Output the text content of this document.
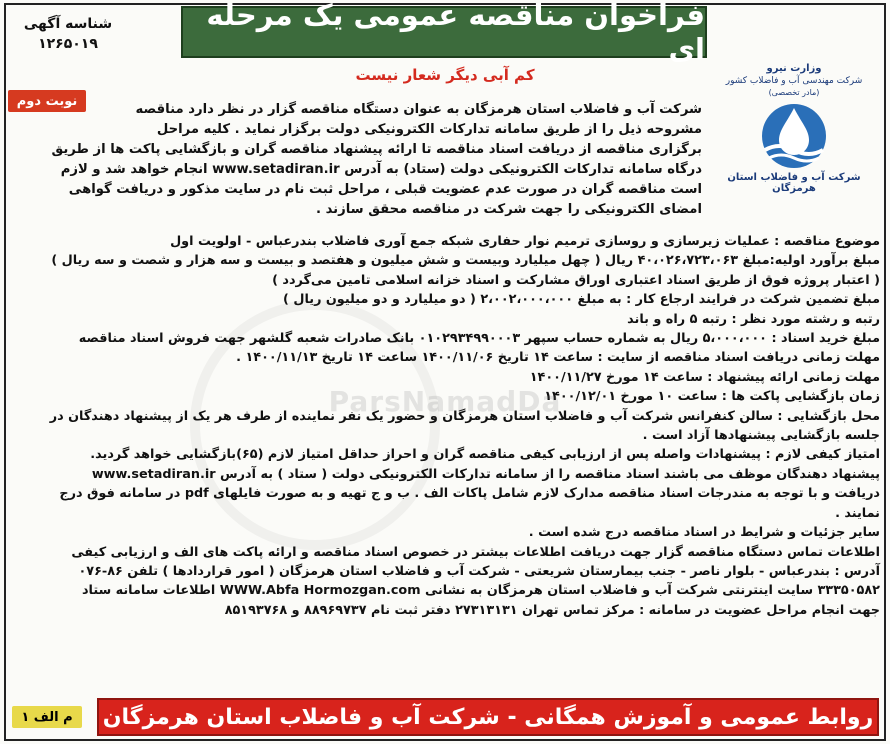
شناسه آگهی
۱۲۶۵۰۱۹
فراخوان مناقصه عمومی یک مرحله ای
کم آبی دیگر شعار نیست
نوبت دوم
وزارت نیرو
شرکت مهندسی آب و فاضلاب کشور
(مادر تخصصی)
شرکت آب و فاضلاب استان هرمزگان
شرکت آب و فاضلاب استان هرمزگان به عنوان دستگاه مناقصه گزار در نظر دارد مناقصه
مشروحه ذیل را از طریق سامانه تدارکات الکترونیکی دولت برگزار نماید . کلیه مراحل
برگزاری مناقصه از دریافت اسناد مناقصه تا ارائه پیشنهاد مناقصه گران و بازگشایی پاکت ها از طریق
درگاه سامانه تدارکات الکترونیکی دولت (ستاد) به آدرس www.setadiran.ir انجام خواهد شد و لازم
است مناقصه گران در صورت عدم عضویت قبلی ، مراحل ثبت نام در سایت مذکور و دریافت گواهی
امضای الکترونیکی را جهت شرکت در مناقصه محقق سازند .
موضوع مناقصه : عملیات زیرسازی و روسازی ترمیم نوار حفاری شبکه جمع آوری فاضلاب بندرعباس - اولویت اول
مبلغ برآورد اولیه:مبلغ ۴۰،۰۲۶،۷۲۳،۰۶۳ ریال ( چهل میلیارد وبیست و شش میلیون و هفتصد و بیست و سه هزار و شصت و سه ریال )
( اعتبار پروژه فوق از طریق اسناد اعتباری اوراق مشارکت و اسناد خزانه اسلامی تامین می‌گردد )
مبلغ تضمین شرکت در فرایند ارجاع کار : به مبلغ ۲،۰۰۲،۰۰۰،۰۰۰ ( دو میلیارد و دو میلیون ریال )
رتبه و رشته مورد نظر : رتبه ۵ راه و باند
مبلغ خرید اسناد : ۵،۰۰۰،۰۰۰ ریال به شماره حساب سپهر ۰۱۰۲۹۳۴۹۹۰۰۰۳ بانک صادرات شعبه گلشهر جهت فروش اسناد مناقصه
مهلت زمانی دریافت اسناد مناقصه از سایت : ساعت ۱۴ تاریخ ۱۴۰۰/۱۱/۰۶ ساعت ۱۴ تاریخ ۱۴۰۰/۱۱/۱۳ .
مهلت زمانی ارائه پیشنهاد : ساعت ۱۴ مورخ ۱۴۰۰/۱۱/۲۷
زمان بازگشایی پاکت ها : ساعت ۱۰ مورخ ۱۴۰۰/۱۲/۰۱
محل بازگشایی : سالن کنفرانس شرکت آب و فاضلاب استان هرمزگان و حضور یک نفر نماینده از طرف هر یک از پیشنهاد دهندگان در
جلسه بازگشایی پیشنهادها آزاد است .
امتیاز کیفی لازم : پیشنهادات واصله پس از ارزیابی کیفی مناقصه گران و احراز حداقل امتیاز لازم (۶۵)بازگشایی خواهد گردید.
پیشنهاد دهندگان موظف می باشند اسناد مناقصه را از سامانه تدارکات الکترونیکی دولت ( ستاد ) به آدرس www.setadiran.ir
دریافت و با توجه به مندرجات اسناد مناقصه مدارک لازم شامل پاکات الف . ب و ج تهیه و به صورت فایلهای pdf در سامانه فوق درج
نمایند .
سایر جزئیات و شرایط در اسناد مناقصه درج شده است .
اطلاعات تماس دستگاه مناقصه گزار جهت دریافت اطلاعات بیشتر در خصوص اسناد مناقصه و ارائه پاکت های الف و ارزیابی کیفی
آدرس : بندرعباس - بلوار ناصر - جنب بیمارستان شریعتی - شرکت آب و فاضلاب استان هرمزگان ( امور قراردادها ) تلفن ۸۶-۰۷۶
۳۳۳۵۰۵۸۲ سایت اینترنتی شرکت آب و فاضلاب استان هرمزگان به نشانی WWW.Abfa Hormozgan.com اطلاعات سامانه ستاد
جهت انجام مراحل عضویت در سامانه : مرکز تماس تهران ۲۷۳۱۳۱۳۱ دفتر ثبت نام ۸۸۹۶۹۷۳۷ و ۸۵۱۹۳۷۶۸
ParsNamadDa
م الف ۱	روابط عمومی و آموزش همگانی - شرکت آب و فاضلاب استان هرمزگان
